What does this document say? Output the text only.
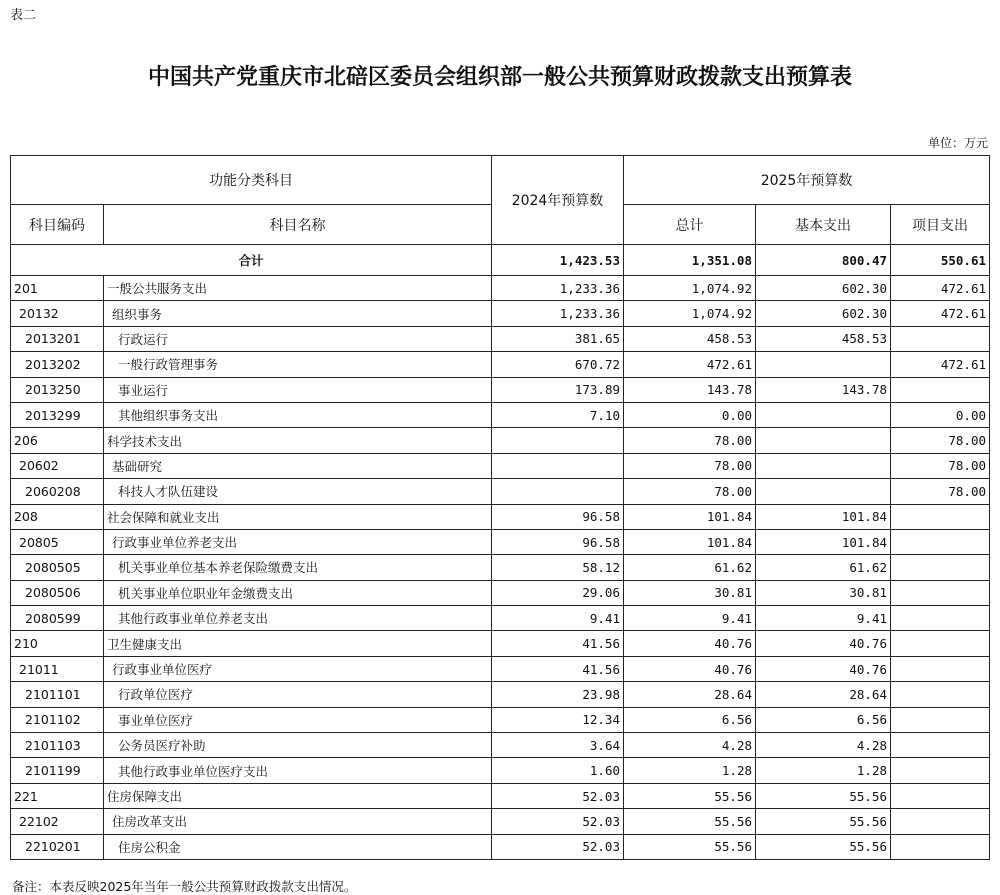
表二
中国共产党重庆市北碚区委员会组织部一般公共预算财政拨款支出预算表
单位：万元
功能分类科目		2024年预算数	2025年预算数		
科目编码	科目名称		总计	基本支出	项目支出
合计		1,423.53	1,351.08	800.47	550.61
201	一般公共服务支出	1,233.36	1,074.92	602.30	472.61
20132	组织事务	1,233.36	1,074.92	602.30	472.61
2013201	行政运行	381.65	458.53	458.53	
2013202	一般行政管理事务	670.72	472.61		472.61
2013250	事业运行	173.89	143.78	143.78	
2013299	其他组织事务支出	7.10	0.00		0.00
206	科学技术支出		78.00		78.00
20602	基础研究		78.00		78.00
2060208	科技人才队伍建设		78.00		78.00
208	社会保障和就业支出	96.58	101.84	101.84	
20805	行政事业单位养老支出	96.58	101.84	101.84	
2080505	机关事业单位基本养老保险缴费支出	58.12	61.62	61.62	
2080506	机关事业单位职业年金缴费支出	29.06	30.81	30.81	
2080599	其他行政事业单位养老支出	9.41	9.41	9.41	
210	卫生健康支出	41.56	40.76	40.76	
21011	行政事业单位医疗	41.56	40.76	40.76	
2101101	行政单位医疗	23.98	28.64	28.64	
2101102	事业单位医疗	12.34	6.56	6.56	
2101103	公务员医疗补助	3.64	4.28	4.28	
2101199	其他行政事业单位医疗支出	1.60	1.28	1.28	
221	住房保障支出	52.03	55.56	55.56	
22102	住房改革支出	52.03	55.56	55.56	
2210201	住房公积金	52.03	55.56	55.56	
备注：本表反映2025年当年一般公共预算财政拨款支出情况。
